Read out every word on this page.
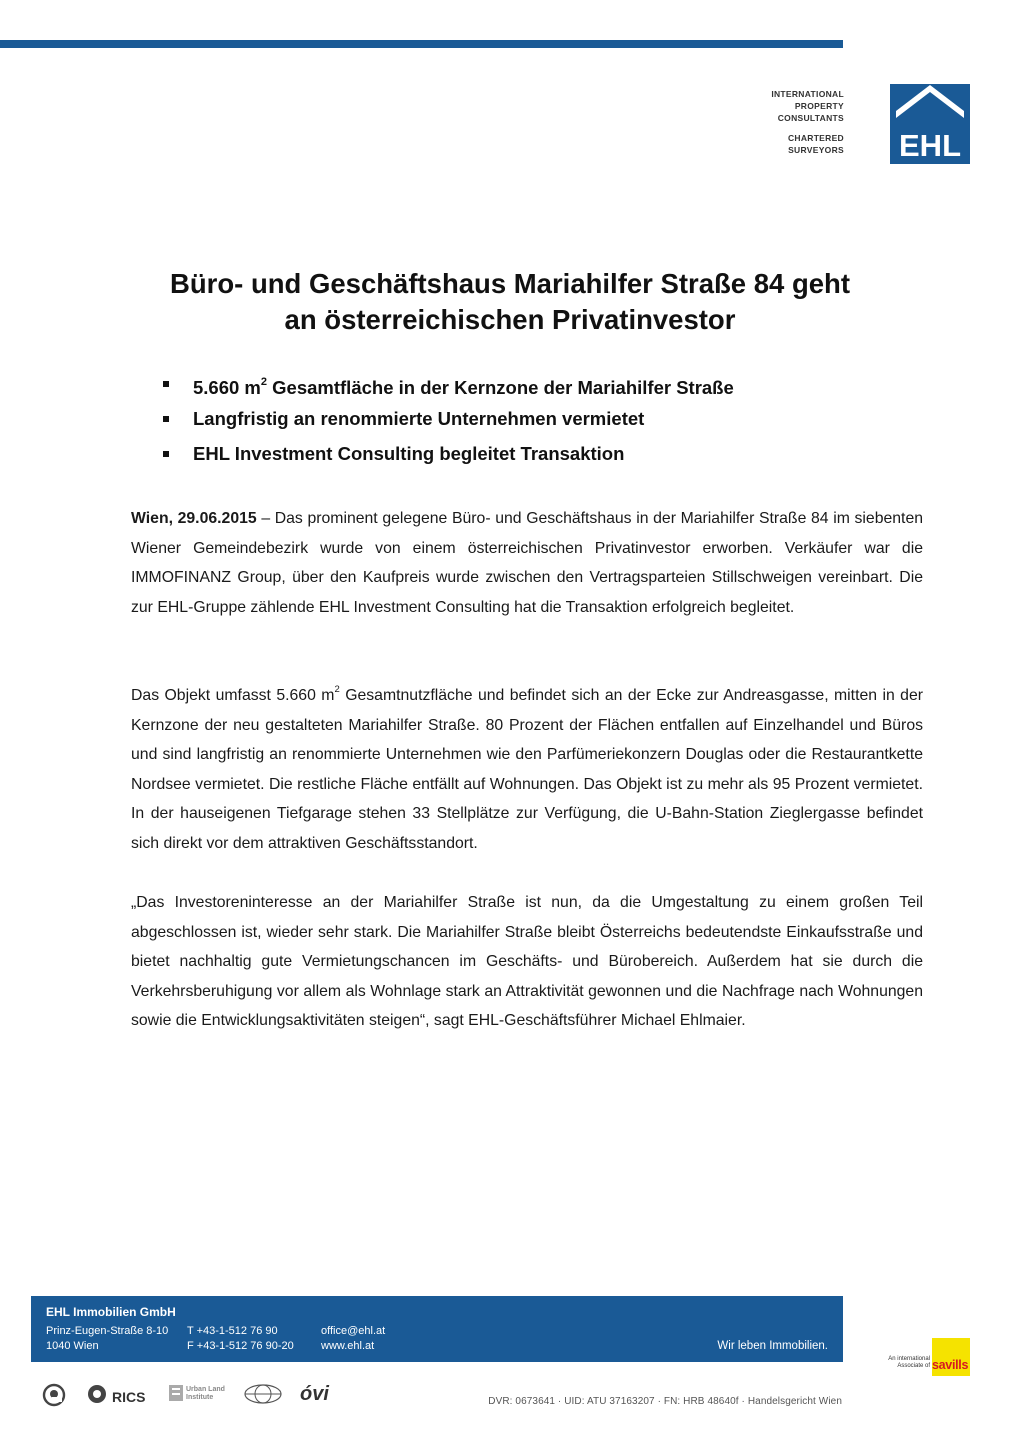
INTERNATIONAL
PROPERTY
CONSULTANTS
CHARTERED
SURVEYORS EHL
Büro- und Geschäftshaus Mariahilfer Straße 84 geht
an österreichischen Privatinvestor
5.660 $m^2$ Gesamtfläche in der Kernzone der Mariahilfer Straße
Langfristig an renommierte Unternehmen vermietet
EHL Investment Consulting begleitet Transaktion

Wien, 29.06.2015 – Das prominent gelegene Büro- und Geschäftshaus in der Mariahilfer Straße 84 im siebenten Wiener Gemeindebezirk wurde von einem österreichischen Privatinvestor erworben. Verkäufer war die IMMOFINANZ Group, über den Kaufpreis wurde zwischen den Vertragsparteien Stillschweigen vereinbart. Die zur EHL-Gruppe zählende EHL Investment Consulting hat die Transaktion erfolgreich begleitet.

Das Objekt umfasst 5.660 $m^2$ Gesamtnutzfläche und befindet sich an der Ecke zur Andreasgasse, mitten in der Kernzone der neu gestalteten Mariahilfer Straße. 80 Prozent der Flächen entfallen auf Einzelhandel und Büros und sind langfristig an renommierte Unternehmen wie den Parfümeriekonzern Douglas oder die Restaurantkette Nordsee vermietet. Die restliche Fläche entfällt auf Wohnungen. Das Objekt ist zu mehr als 95 Prozent vermietet. In der hauseigenen Tiefgarage stehen 33 Stellplätze zur Verfügung, die U-Bahn-Station Zieglergasse befindet sich direkt vor dem attraktiven Geschäftsstandort.

„Das Investoreninteresse an der Mariahilfer Straße ist nun, da die Umgestaltung zu einem großen Teil abgeschlossen ist, wieder sehr stark. Die Mariahilfer Straße bleibt Österreichs bedeutendste Einkaufsstraße und bietet nachhaltig gute Vermietungschancen im Geschäfts- und Bürobereich. Außerdem hat sie durch die Verkehrsberuhigung vor allem als Wohnlage stark an Attraktivität gewonnen und die Nachfrage nach Wohnungen sowie die Entwicklungsaktivitäten steigen“, sagt EHL-Geschäftsführer Michael Ehlmaier.

EHL Immobilien GmbH
Prinz-Eugen-Straße 8-10
1040 Wien
T +43-1-512 76 90
F +43-1-512 76 90-20
office@ehl.at
www.ehl.at	Wir leben Immobilien.
An international
Associate of savills
RICS	Urban Land
Institute	óvi	DVR: 0673641 · UID: ATU 37163207 · FN: HRB 48640f · Handelsgericht Wien
